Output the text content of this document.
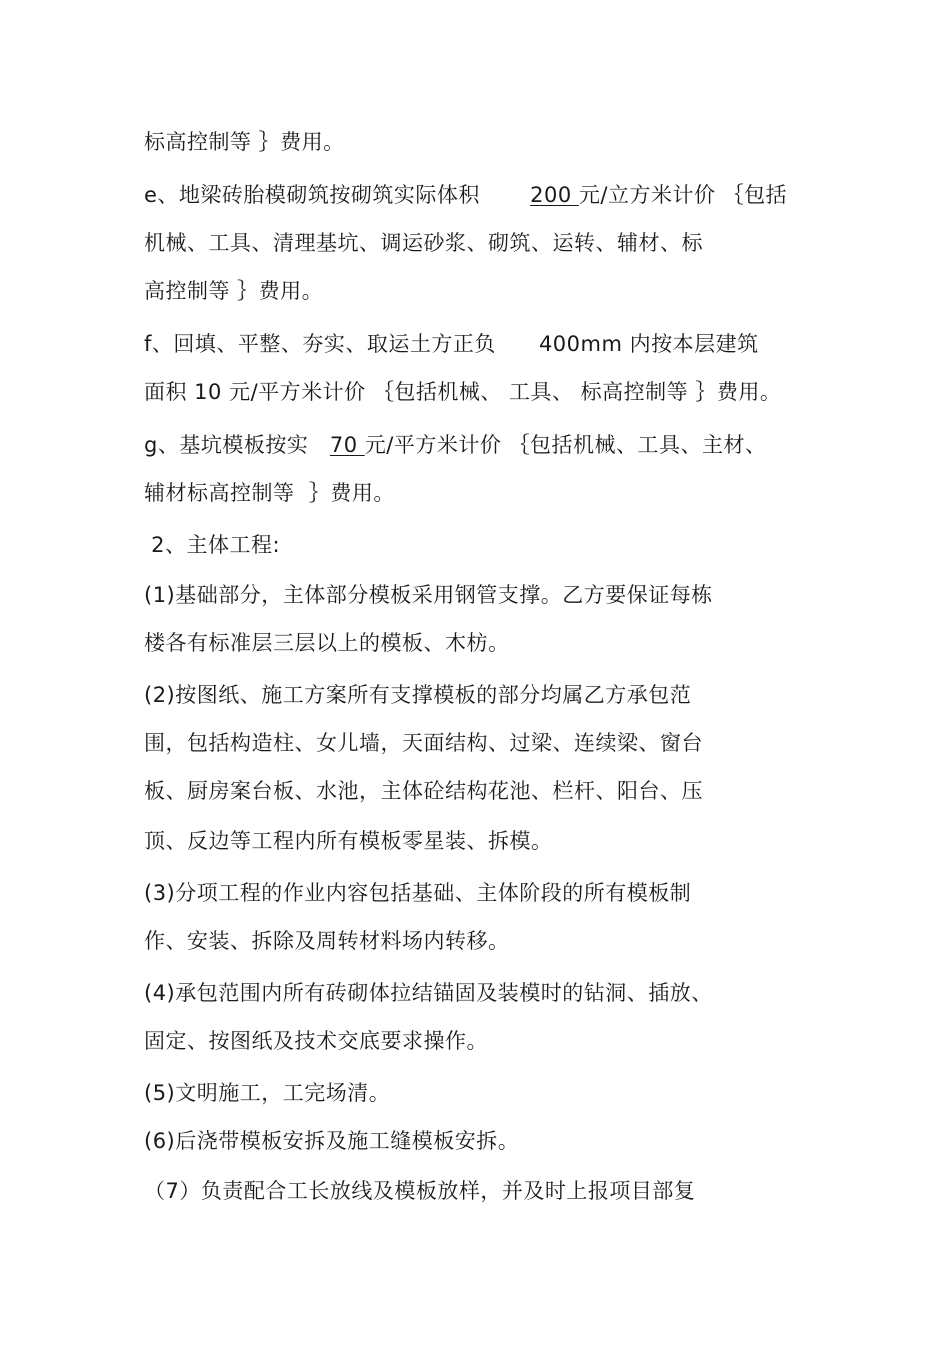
标高控制等 ｝费用。
e、地梁砖胎模砌筑按砌筑实际体积       200 元/立方米计价 ｛包括
机械、工具、清理基坑、调运砂浆、砌筑、运转、辅材、标
高控制等 ｝费用。
f、回填、平整、夯实、取运土方正负      400mm 内按本层建筑
面积 10 元/平方米计价 ｛包括机械、 工具、 标高控制等 ｝费用。
g、基坑模板按实   70 元/平方米计价 ｛包括机械、工具、主材、
辅材标高控制等  ｝费用。
2、主体工程:
(1)基础部分，主体部分模板采用钢管支撑。乙方要保证每栋
楼各有标准层三层以上的模板、木枋。
(2)按图纸、施工方案所有支撑模板的部分均属乙方承包范
围，包括构造柱、女儿墙，天面结构、过梁、连续梁、窗台
板、厨房案台板、水池，主体砼结构花池、栏杆、阳台、压
顶、反边等工程内所有模板零星装、拆模。
(3)分项工程的作业内容包括基础、主体阶段的所有模板制
作、安装、拆除及周转材料场内转移。
(4)承包范围内所有砖砌体拉结锚固及装模时的钻洞、插放、
固定、按图纸及技术交底要求操作。
(5)文明施工，工完场清。
(6)后浇带模板安拆及施工缝模板安拆。
（7）负责配合工长放线及模板放样，并及时上报项目部复
